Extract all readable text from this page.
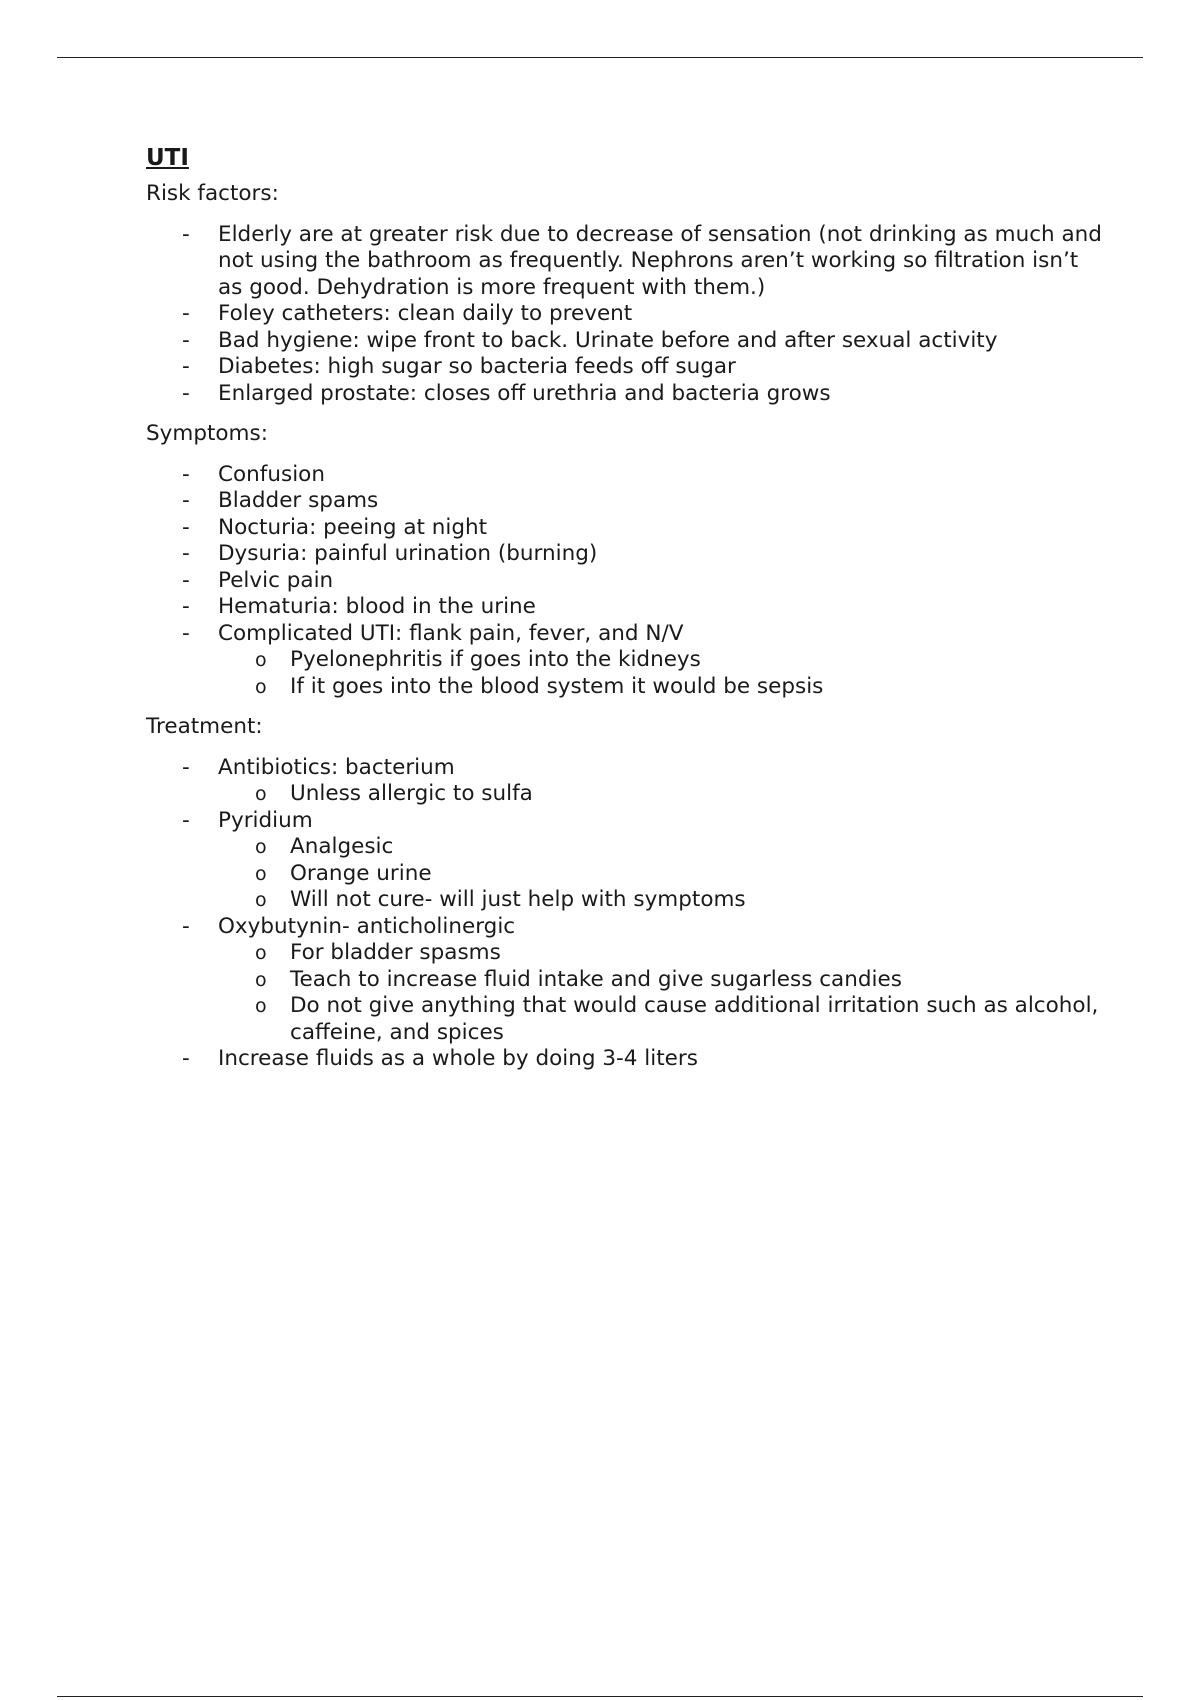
UTI
Risk factors:
- Elderly are at greater risk due to decrease of sensation (not drinking as much and not using the bathroom as frequently. Nephrons aren’t working so filtration isn’t as good. Dehydration is more frequent with them.)
- Foley catheters: clean daily to prevent
- Bad hygiene: wipe front to back. Urinate before and after sexual activity
- Diabetes: high sugar so bacteria feeds off sugar
- Enlarged prostate: closes off urethria and bacteria grows
Symptoms:
- Confusion
- Bladder spams
- Nocturia: peeing at night
- Dysuria: painful urination (burning)
- Pelvic pain
- Hematuria: blood in the urine
- Complicated UTI: flank pain, fever, and N/V
o Pyelonephritis if goes into the kidneys
o If it goes into the blood system it would be sepsis
Treatment:
- Antibiotics: bacterium
o Unless allergic to sulfa
- Pyridium
o Analgesic
o Orange urine
o Will not cure- will just help with symptoms
- Oxybutynin- anticholinergic
o For bladder spasms
o Teach to increase fluid intake and give sugarless candies
o Do not give anything that would cause additional irritation such as alcohol, caffeine, and spices
- Increase fluids as a whole by doing 3-4 liters
